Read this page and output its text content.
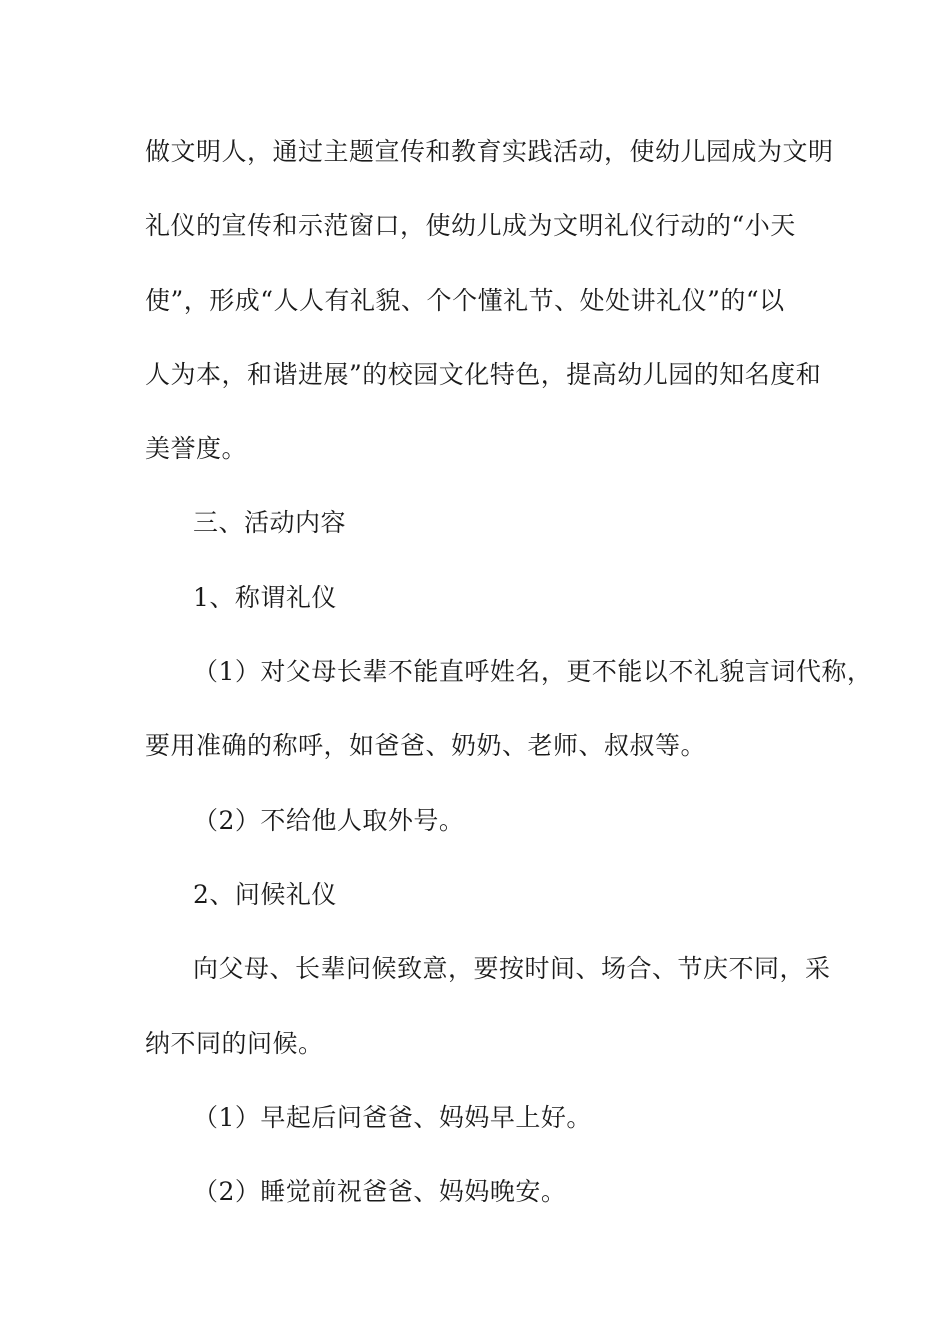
做文明人，通过主题宣传和教育实践活动，使幼儿园成为文明
礼仪的宣传和示范窗口，使幼儿成为文明礼仪行动的“小天
使”，形成“人人有礼貌、个个懂礼节、处处讲礼仪”的“以
人为本，和谐进展”的校园文化特色，提高幼儿园的知名度和
美誉度。
三、活动内容
1、称谓礼仪
（1）对父母长辈不能直呼姓名，更不能以不礼貌言词代称，
要用准确的称呼，如爸爸、奶奶、老师、叔叔等。
（2）不给他人取外号。
2、问候礼仪
向父母、长辈问候致意，要按时间、场合、节庆不同，采
纳不同的问候。
（1）早起后问爸爸、妈妈早上好。
（2）睡觉前祝爸爸、妈妈晚安。
